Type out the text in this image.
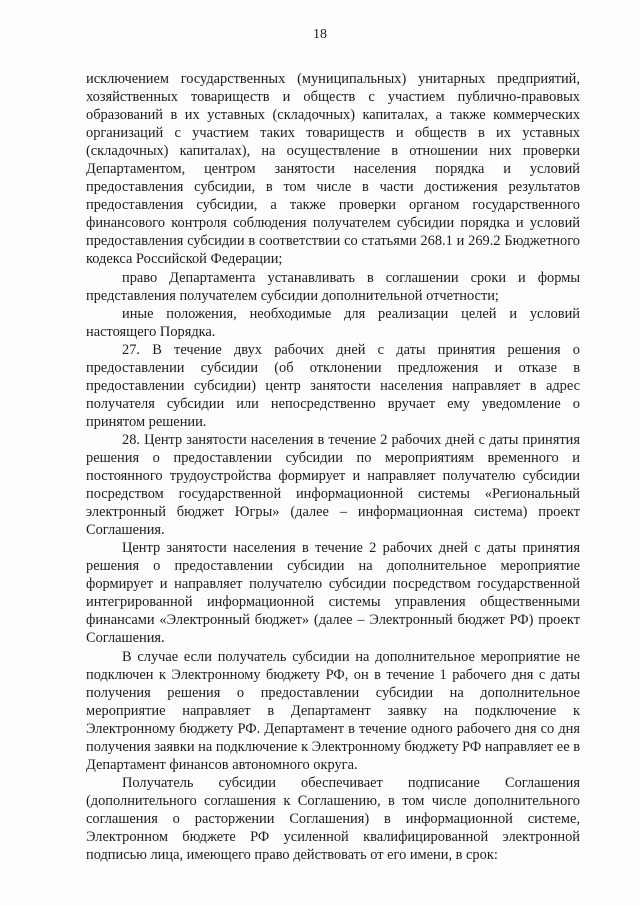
18

исключением государственных (муниципальных) унитарных предприятий, хозяйственных товариществ и обществ с участием публично-правовых образований в их уставных (складочных) капиталах, а также коммерческих организаций с участием таких товариществ и обществ в их уставных (складочных) капиталах), на осуществление в отношении них проверки Департаментом, центром занятости населения порядка и условий предоставления субсидии, в том числе в части достижения результатов предоставления субсидии, а также проверки органом государственного финансового контроля соблюдения получателем субсидии порядка и условий предоставления субсидии в соответствии со статьями 268.1 и 269.2 Бюджетного кодекса Российской Федерации;

право Департамента устанавливать в соглашении сроки и формы представления получателем субсидии дополнительной отчетности;

иные положения, необходимые для реализации целей и условий настоящего Порядка.

27. В течение двух рабочих дней с даты принятия решения о предоставлении субсидии (об отклонении предложения и отказе в предоставлении субсидии) центр занятости населения направляет в адрес получателя субсидии или непосредственно вручает ему уведомление о принятом решении.

28. Центр занятости населения в течение 2 рабочих дней с даты принятия решения о предоставлении субсидии по мероприятиям временного и постоянного трудоустройства формирует и направляет получателю субсидии посредством государственной информационной системы «Региональный электронный бюджет Югры» (далее – информационная система) проект Соглашения.

Центр занятости населения в течение 2 рабочих дней с даты принятия решения о предоставлении субсидии на дополнительное мероприятие формирует и направляет получателю субсидии посредством государственной интегрированной информационной системы управления общественными финансами «Электронный бюджет» (далее – Электронный бюджет РФ) проект Соглашения.

В случае если получатель субсидии на дополнительное мероприятие не подключен к Электронному бюджету РФ, он в течение 1 рабочего дня с даты получения решения о предоставлении субсидии на дополнительное мероприятие направляет в Департамент заявку на подключение к Электронному бюджету РФ. Департамент в течение одного рабочего дня со дня получения заявки на подключение к Электронному бюджету РФ направляет ее в Департамент финансов автономного округа.

Получатель субсидии обеспечивает подписание Соглашения (дополнительного соглашения к Соглашению, в том числе дополнительного соглашения о расторжении Соглашения) в информационной системе, Электронном бюджете РФ усиленной квалифицированной электронной подписью лица, имеющего право действовать от его имени, в срок:
